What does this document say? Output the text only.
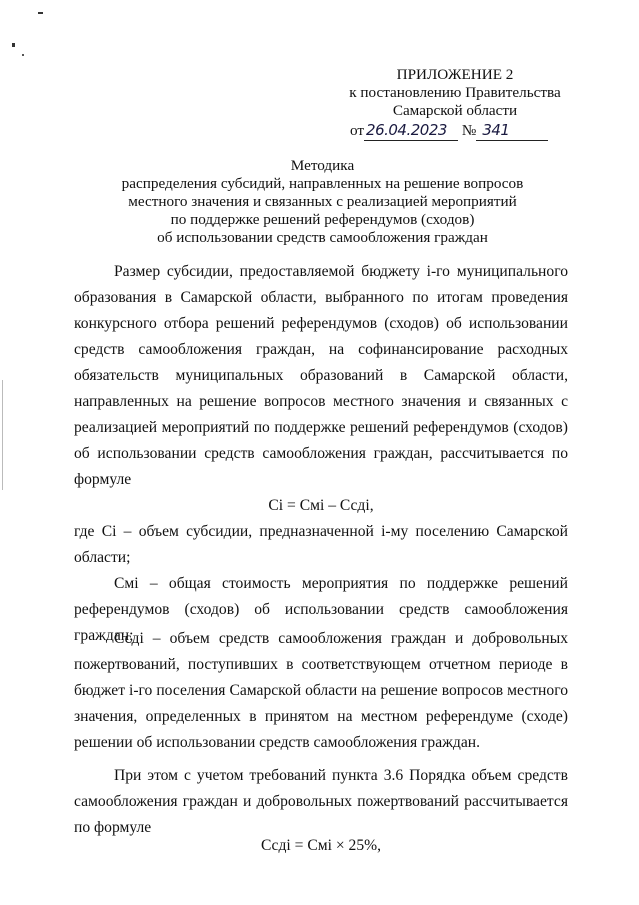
ПРИЛОЖЕНИЕ 2
к постановлению Правительства
Самарской области
от 26.04.2023 № 341
Методика
распределения субсидий, направленных на решение вопросов
местного значения и связанных с реализацией мероприятий
по поддержке решений референдумов (сходов)
об использовании средств самообложения граждан
Размер субсидии, предоставляемой бюджету i-го муниципального образования в Самарской области, выбранного по итогам проведения конкурсного отбора решений референдумов (сходов) об использовании средств самообложения граждан, на софинансирование расходных обязательств муниципальных образований в Самарской области, направленных на решение вопросов местного значения и связанных с реализацией мероприятий по поддержке решений референдумов (сходов) об использовании средств самообложения граждан, рассчитывается по формуле
Ci = Смi – Ссдi,
где Ci – объем субсидии, предназначенной i-му поселению Самарской области;
Смi – общая стоимость мероприятия по поддержке решений референдумов (сходов) об использовании средств самообложения граждан;
Ссдi – объем средств самообложения граждан и добровольных пожертвований, поступивших в соответствующем отчетном периоде в бюджет i-го поселения Самарской области на решение вопросов местного значения, определенных в принятом на местном референдуме (сходе) решении об использовании средств самообложения граждан.
При этом с учетом требований пункта 3.6 Порядка объем средств самообложения граждан и добровольных пожертвований рассчитывается по формуле
Ссдi = Смi × 25%,
